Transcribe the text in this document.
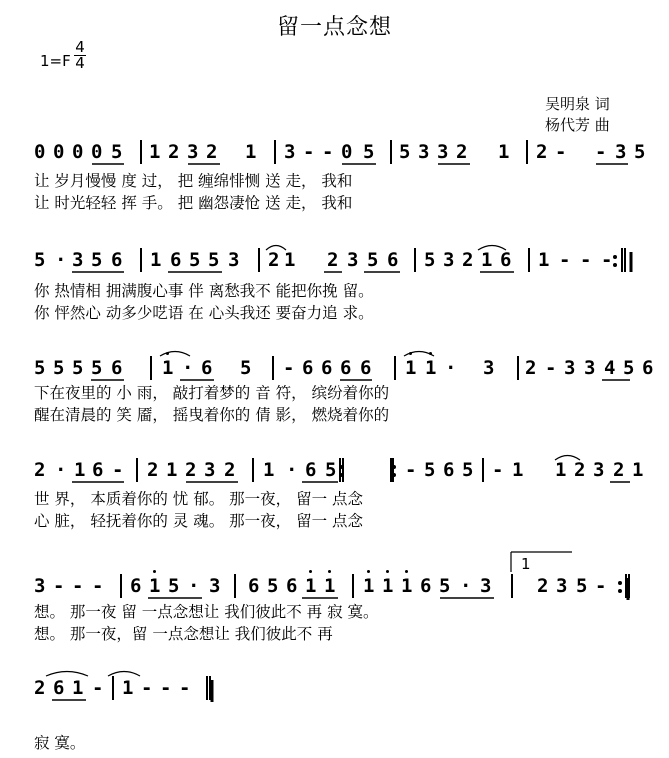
留一点念想
1=F
4
4
吴明泉 词
杨代芳 曲
0 0 0 0 5 1 2 3 2 1 3 - - 0 5 5 3 3 2 1 2 - - 3 5
让 岁月慢慢 度 过， 把 缠绵悱恻 送 走， 我和
让 时光轻轻 挥 手。 把 幽怨凄怆 送 走， 我和
5 · 3 5 6 1 6 5 5 3 2 1 2 3 5 6 5 3 2 1 6 1 - - -
你 热情相 拥满腹心事 伴 离愁我不 能把你挽 留。
你 怦然心 动多少呓语 在 心头我还 要奋力追 求。
5 5 5 5 6 1 · 6 5 - 6 6 6 6 1 1 · 3 2 - 3 3 4 5 6
下在夜里的 小 雨， 敲打着梦的 音 符， 缤纷着你的
醒在清晨的 笑 靥， 摇曳着你的 倩 影， 燃烧着你的
2 · 1 6 - 2 1 2 3 2 1 · 6 5	- 5 6 5 - 1 1 2 3 2 1
世 界， 本质着你的 忧 郁。 那一夜， 留一 点念
心 脏， 轻抚着你的 灵 魂。 那一夜， 留一 点念
3 - - - 6 1 5 · 3 6 5 6 1 1 1 1 1 6 5 · 3 2 3 5 -
想。 那一夜 留 一点念想让 我们彼此不 再 寂 寞。
想。 那一夜，留 一点念想让 我们彼此不 再
2 6 1 - 1 - - -
寂 寞。
1
